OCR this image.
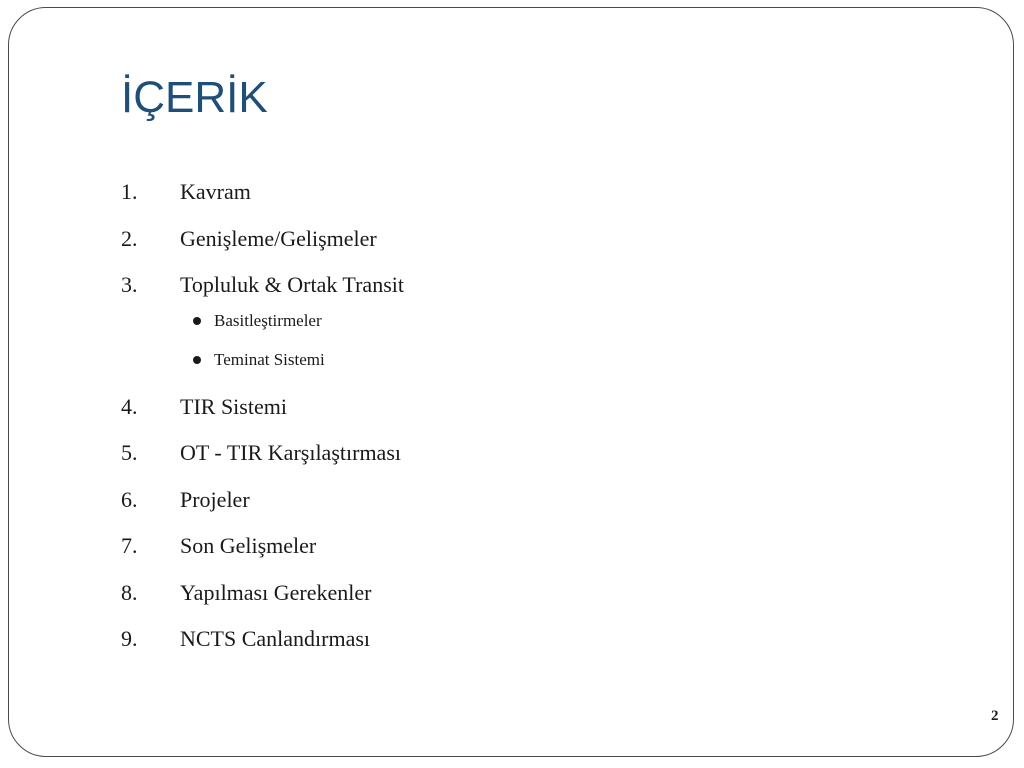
İÇERİK
1. Kavram
2. Genişleme/Gelişmeler
3. Topluluk & Ortak Transit
Basitleştirmeler
Teminat Sistemi
4. TIR Sistemi
5. OT - TIR Karşılaştırması
6. Projeler
7. Son Gelişmeler
8. Yapılması Gerekenler
9. NCTS Canlandırması
2
